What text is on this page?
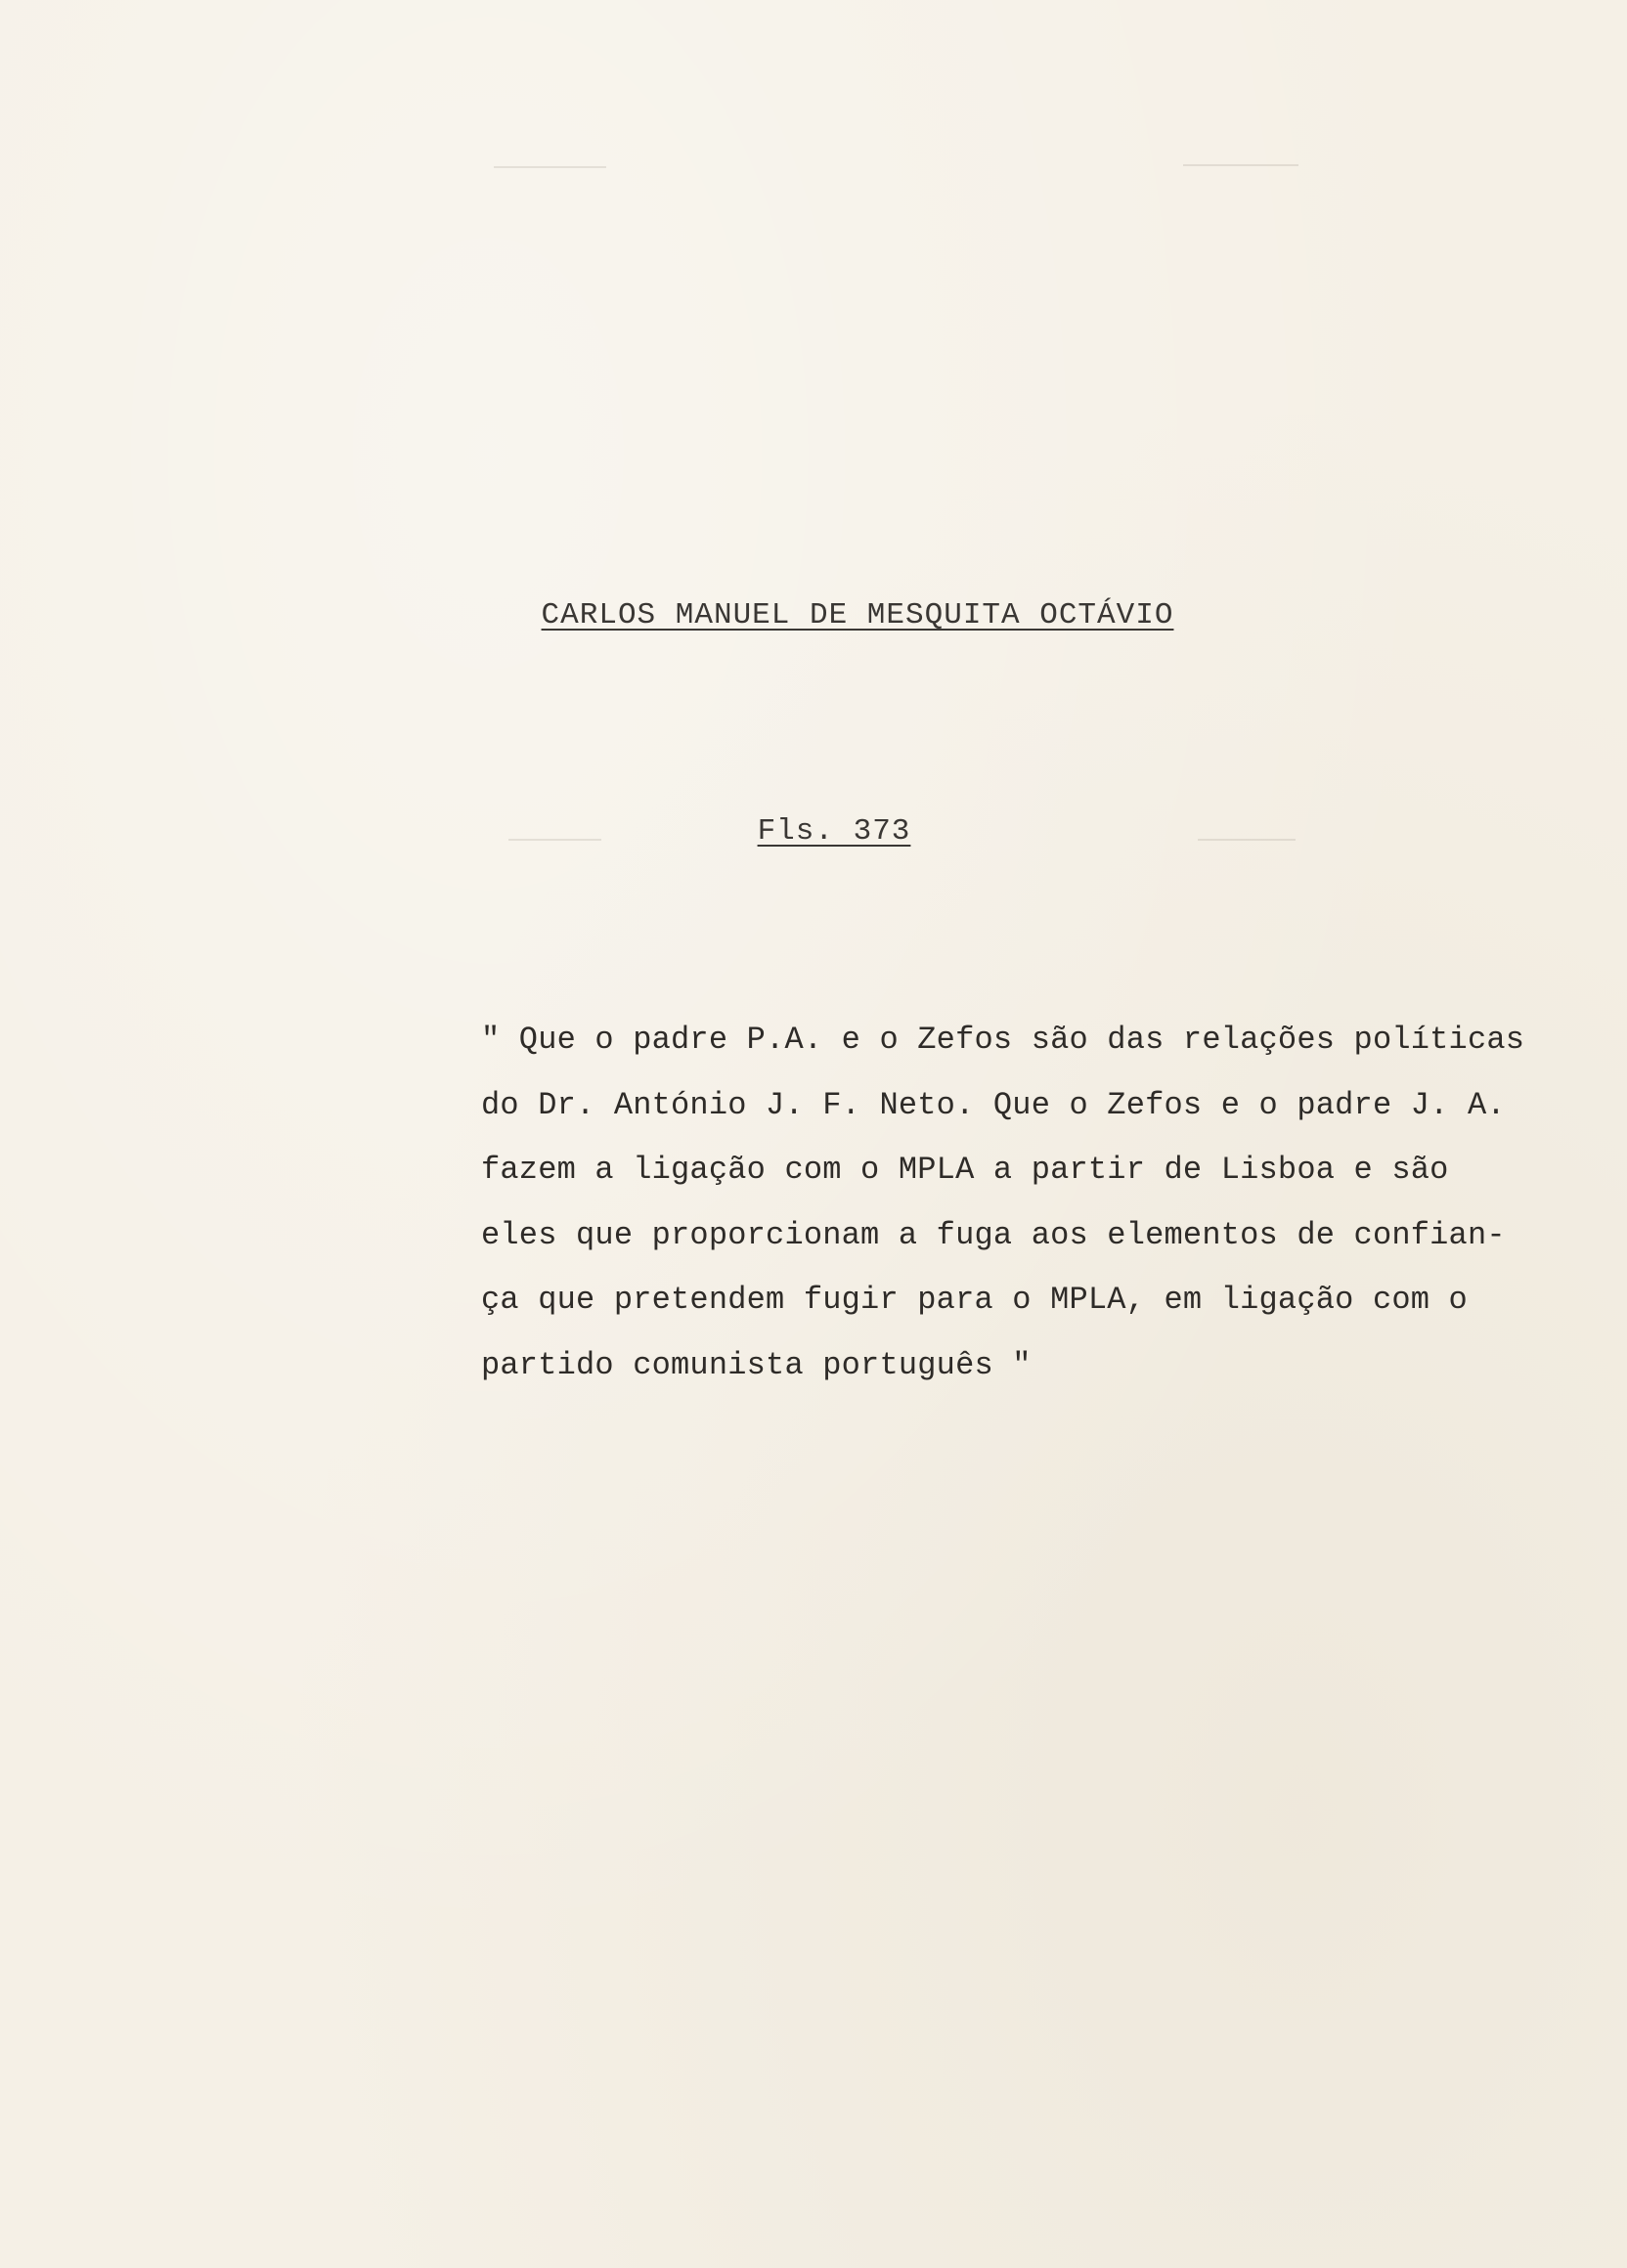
CARLOS MANUEL DE MESQUITA OCTÁVIO
Fls. 373
" Que o padre P.A. e o Zefos são das relações políticas
do Dr. António J. F. Neto. Que o Zefos e o padre J. A.
fazem a ligação com o MPLA a partir de Lisboa e são
eles que proporcionam a fuga aos elementos de confian-
ça que pretendem fugir para o MPLA, em ligação com o
partido comunista português "
